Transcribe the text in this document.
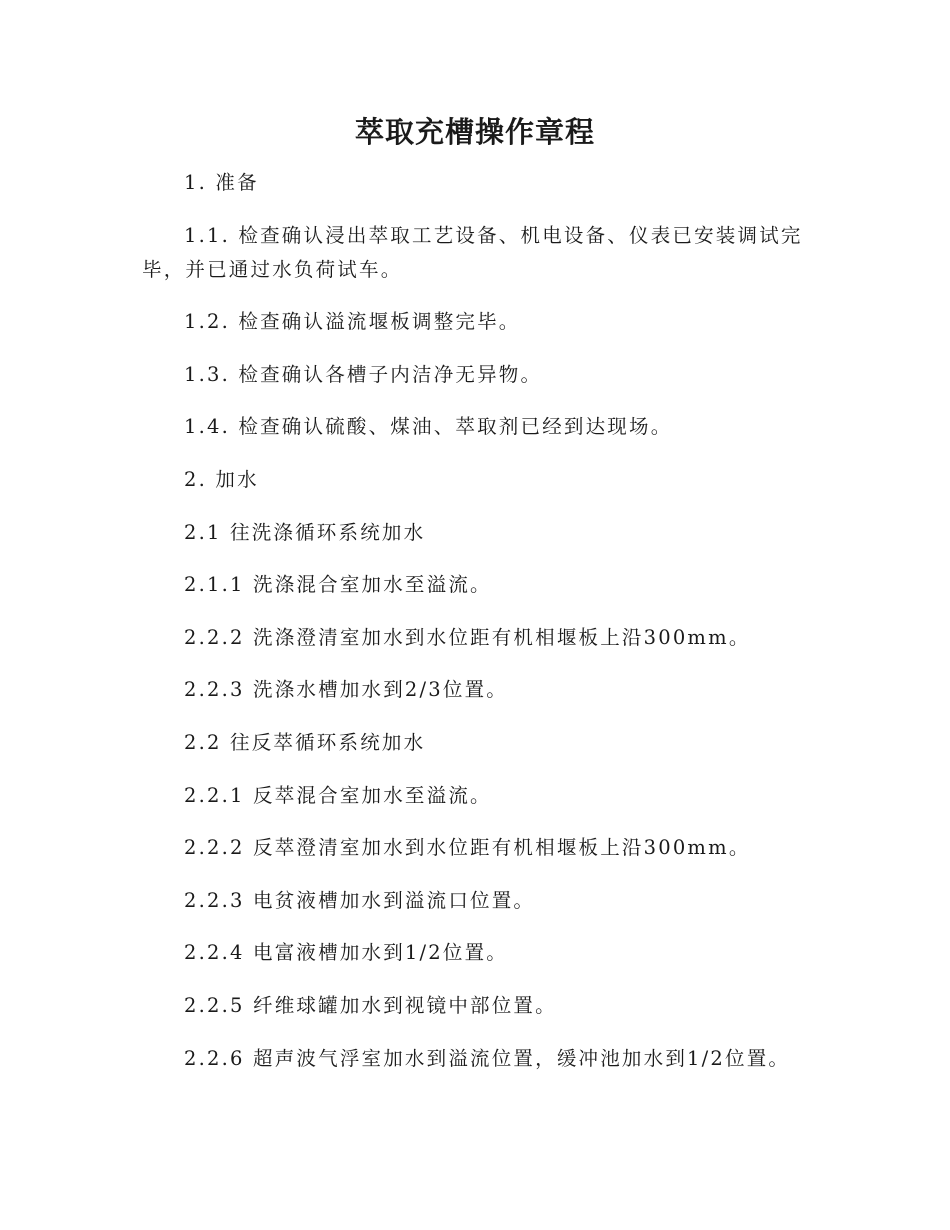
萃取充槽操作章程

1. 准备

1.1. 检查确认浸出萃取工艺设备、机电设备、仪表已安装调试完毕，并已通过水负荷试车。

1.2. 检查确认溢流堰板调整完毕。

1.3. 检查确认各槽子内洁净无异物。

1.4. 检查确认硫酸、煤油、萃取剂已经到达现场。

2. 加水

2.1 往洗涤循环系统加水

2.1.1 洗涤混合室加水至溢流。

2.2.2 洗涤澄清室加水到水位距有机相堰板上沿300mm。

2.2.3 洗涤水槽加水到2/3位置。

2.2 往反萃循环系统加水

2.2.1 反萃混合室加水至溢流。

2.2.2 反萃澄清室加水到水位距有机相堰板上沿300mm。

2.2.3 电贫液槽加水到溢流口位置。

2.2.4 电富液槽加水到1/2位置。

2.2.5 纤维球罐加水到视镜中部位置。

2.2.6 超声波气浮室加水到溢流位置，缓冲池加水到1/2位置。
